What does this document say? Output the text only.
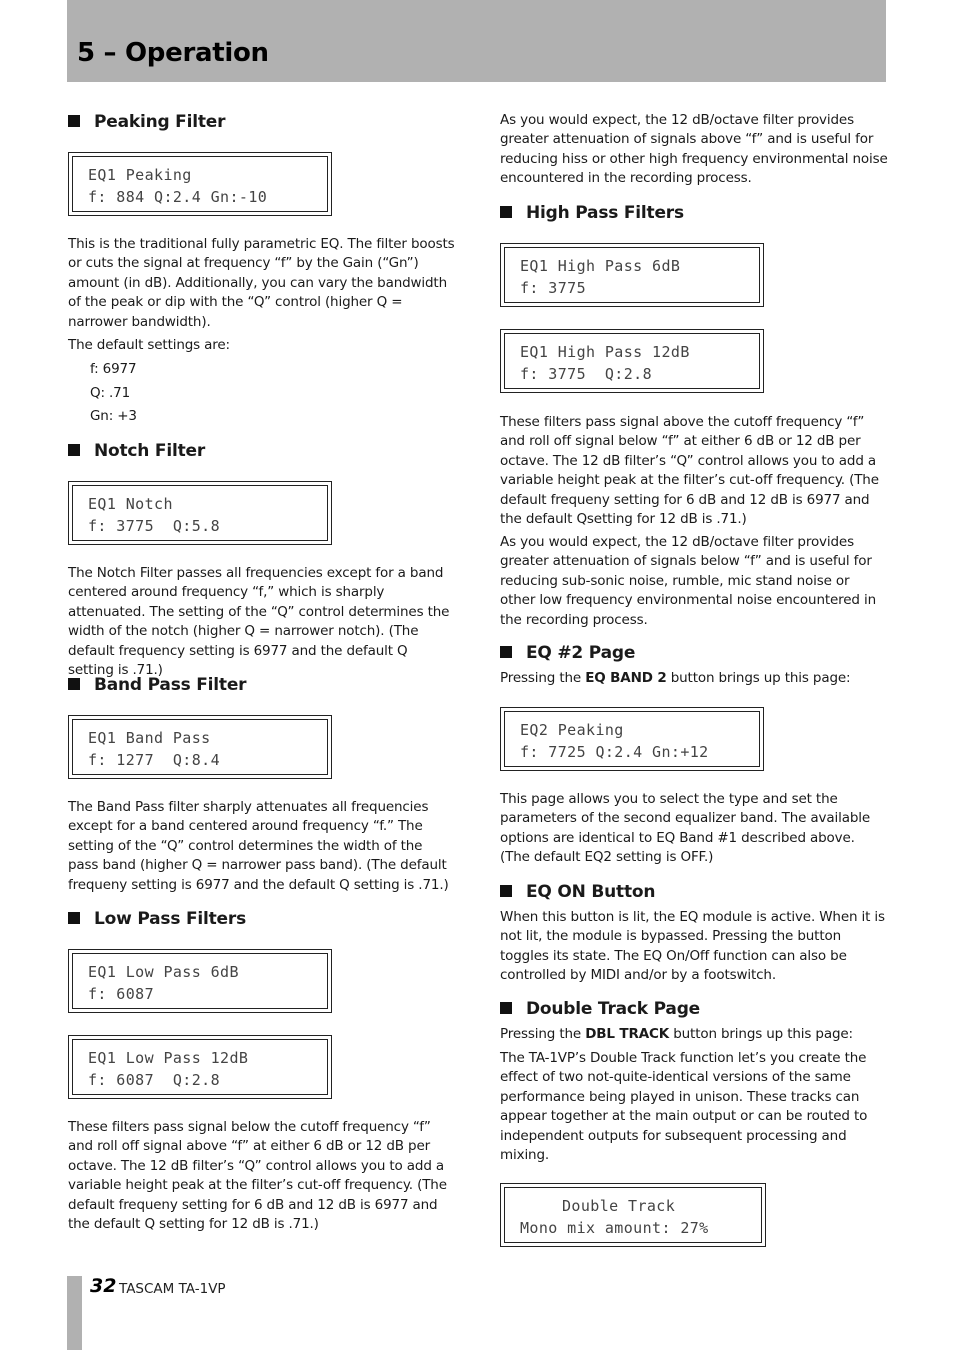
5 – Operation
Peaking Filter
EQ1 Peaking
f: 884 Q:2.4 Gn:-10
This is the traditional fully parametric EQ. The filter boosts or cuts the signal at frequency “f” by the Gain (“Gn”) amount (in dB). Additionally, you can vary the bandwidth of the peak or dip with the “Q” control (higher Q = narrower bandwidth).
The default settings are:
f: 6977
Q: .71
Gn: +3
Notch Filter
EQ1 Notch
f: 3775  Q:5.8
The Notch Filter passes all frequencies except for a band centered around frequency “f,” which is sharply attenuated. The setting of the “Q” control determines the width of the notch (higher Q = narrower notch). (The default frequency setting is 6977 and the default Q setting is .71.)
Band Pass Filter
EQ1 Band Pass
f: 1277  Q:8.4
The Band Pass filter sharply attenuates all frequencies except for a band centered around frequency “f.” The setting of the “Q” control determines the width of the pass band (higher Q = narrower pass band). (The default frequeny setting is 6977 and the default Q setting is .71.)
Low Pass Filters
EQ1 Low Pass 6dB
f: 6087
EQ1 Low Pass 12dB
f: 6087  Q:2.8
These filters pass signal below the cutoff frequency “f” and roll off signal above “f” at either 6 dB or 12 dB per octave. The 12 dB filter’s “Q” control allows you to add a variable height peak at the filter’s cut-off frequency. (The default frequeny setting for 6 dB and 12 dB is 6977 and the default Q setting for 12 dB is .71.)
As you would expect, the 12 dB/octave filter provides greater attenuation of signals above “f” and is useful for reducing hiss or other high frequency environmental noise encountered in the recording process.
High Pass Filters
EQ1 High Pass 6dB
f: 3775
EQ1 High Pass 12dB
f: 3775  Q:2.8
These filters pass signal above the cutoff frequency “f” and roll off signal below “f” at either 6 dB or 12 dB per octave. The 12 dB filter’s “Q” control allows you to add a variable height peak at the filter’s cut-off frequency. (The default frequeny setting for 6 dB and 12 dB is 6977 and the default Qsetting for 12 dB is .71.)
As you would expect, the 12 dB/octave filter provides greater attenuation of signals below “f” and is useful for reducing sub-sonic noise, rumble, mic stand noise or other low frequency environmental noise encountered in the recording process.
EQ #2 Page
Pressing the EQ BAND 2 button brings up this page:
EQ2 Peaking
f: 7725 Q:2.4 Gn:+12
This page allows you to select the type and set the parameters of the second equalizer band. The available options are identical to EQ Band #1 described above. (The default EQ2 setting is OFF.)
EQ ON Button
When this button is lit, the EQ module is active. When it is not lit, the module is bypassed. Pressing the button toggles its state. The EQ On/Off function can also be controlled by MIDI and/or by a footswitch.
Double Track Page
Pressing the DBL TRACK button brings up this page:
The TA-1VP’s Double Track function let’s you create the effect of two not-quite-identical versions of the same performance being played in unison. These tracks can appear together at the main output or can be routed to independent outputs for subsequent processing and mixing.
Double Track
Mono mix amount: 27%
32 TASCAM TA-1VP
